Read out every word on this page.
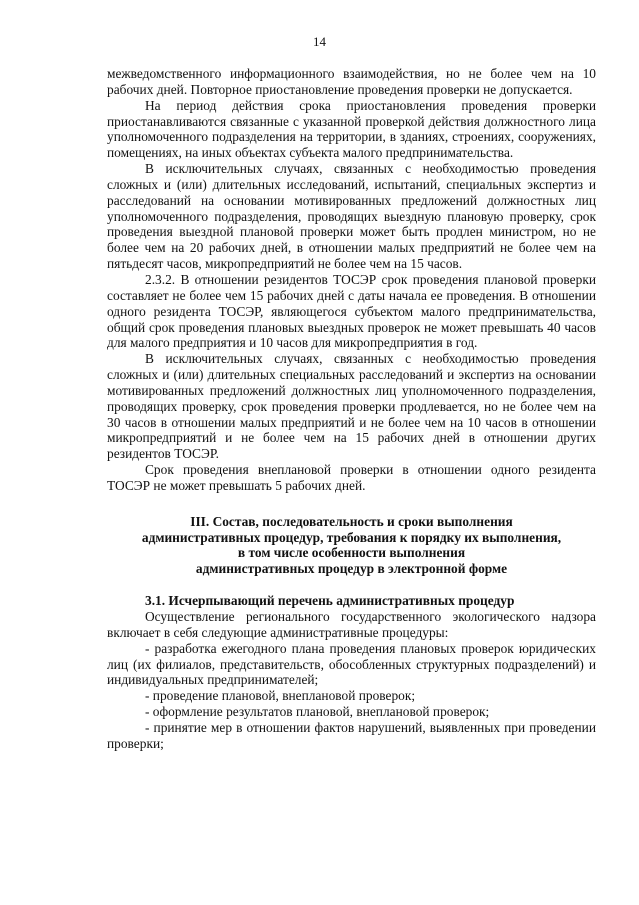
14

межведомственного информационного взаимодействия, но не более чем на 10 рабочих дней. Повторное приостановление проведения проверки не допускается.

На период действия срока приостановления проведения проверки приостанавливаются связанные с указанной проверкой действия должностного лица уполномоченного подразделения на территории, в зданиях, строениях, сооружениях, помещениях, на иных объектах субъекта малого предпринимательства.

В исключительных случаях, связанных с необходимостью проведения сложных и (или) длительных исследований, испытаний, специальных экспертиз и расследований на основании мотивированных предложений должностных лиц уполномоченного подразделения, проводящих выездную плановую проверку, срок проведения выездной плановой проверки может быть продлен министром, но не более чем на 20 рабочих дней, в отношении малых предприятий не более чем на пятьдесят часов, микропредприятий не более чем на 15 часов.

2.3.2. В отношении резидентов ТОСЭР срок проведения плановой проверки составляет не более чем 15 рабочих дней с даты начала ее проведения. В отношении одного резидента ТОСЭР, являющегося субъектом малого предпринимательства, общий срок проведения плановых выездных проверок не может превышать 40 часов для малого предприятия и 10 часов для микропредприятия в год.

В исключительных случаях, связанных с необходимостью проведения сложных и (или) длительных специальных расследований и экспертиз на основании мотивированных предложений должностных лиц уполномоченного подразделения, проводящих проверку, срок проведения проверки продлевается, но не более чем на 30 часов в отношении малых предприятий и не более чем на 10 часов в отношении микропредприятий и не более чем на 15 рабочих дней в отношении других резидентов ТОСЭР.

Срок проведения внеплановой проверки в отношении одного резидента ТОСЭР не может превышать 5 рабочих дней.

III. Состав, последовательность и сроки выполнения

административных процедур, требования к порядку их выполнения,

в том числе особенности выполнения

административных процедур в электронной форме

3.1. Исчерпывающий перечень административных процедур

Осуществление регионального государственного экологического надзора включает в себя следующие административные процедуры:

- разработка ежегодного плана проведения плановых проверок юридических лиц (их филиалов, представительств, обособленных структурных подразделений) и индивидуальных предпринимателей;

- проведение плановой, внеплановой проверок;

- оформление результатов плановой, внеплановой проверок;

- принятие мер в отношении фактов нарушений, выявленных при проведении проверки;
